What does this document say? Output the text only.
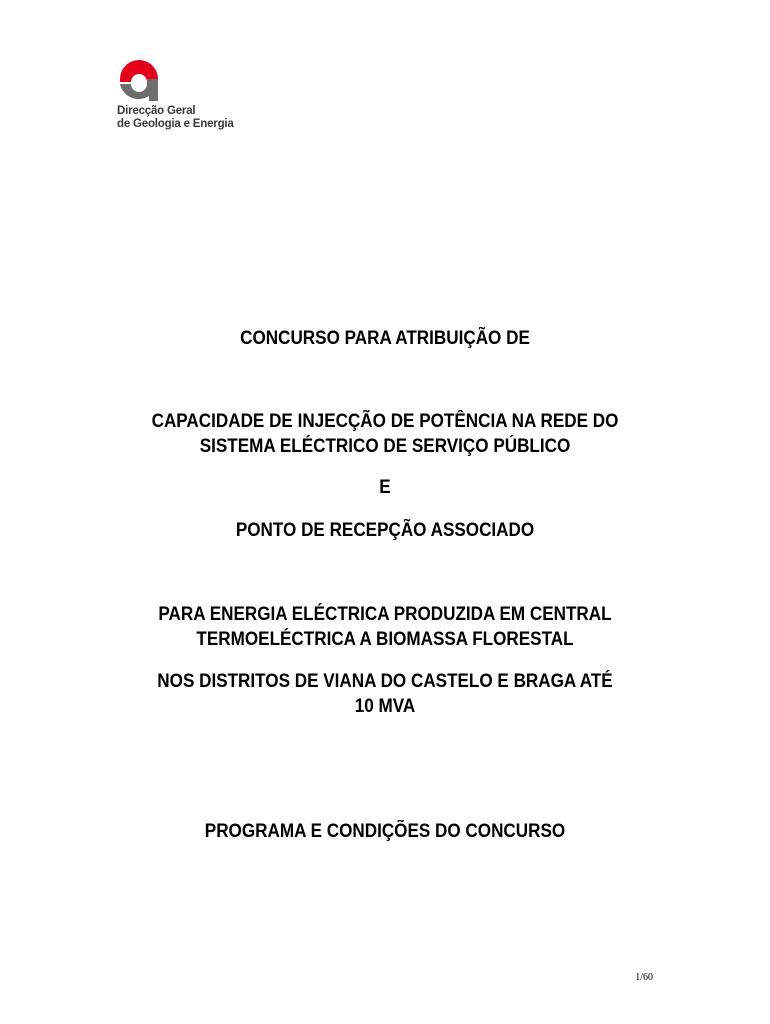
Direcção Geral
de Geologia e Energia
CONCURSO PARA ATRIBUIÇÃO DE
CAPACIDADE DE INJECÇÃO DE POTÊNCIA NA REDE DO
SISTEMA ELÉCTRICO DE SERVIÇO PÚBLICO
E
PONTO DE RECEPÇÃO ASSOCIADO
PARA ENERGIA ELÉCTRICA PRODUZIDA EM CENTRAL
TERMOELÉCTRICA A BIOMASSA FLORESTAL
NOS DISTRITOS DE VIANA DO CASTELO E BRAGA ATÉ
10 MVA
PROGRAMA E CONDIÇÕES DO CONCURSO
1/60
